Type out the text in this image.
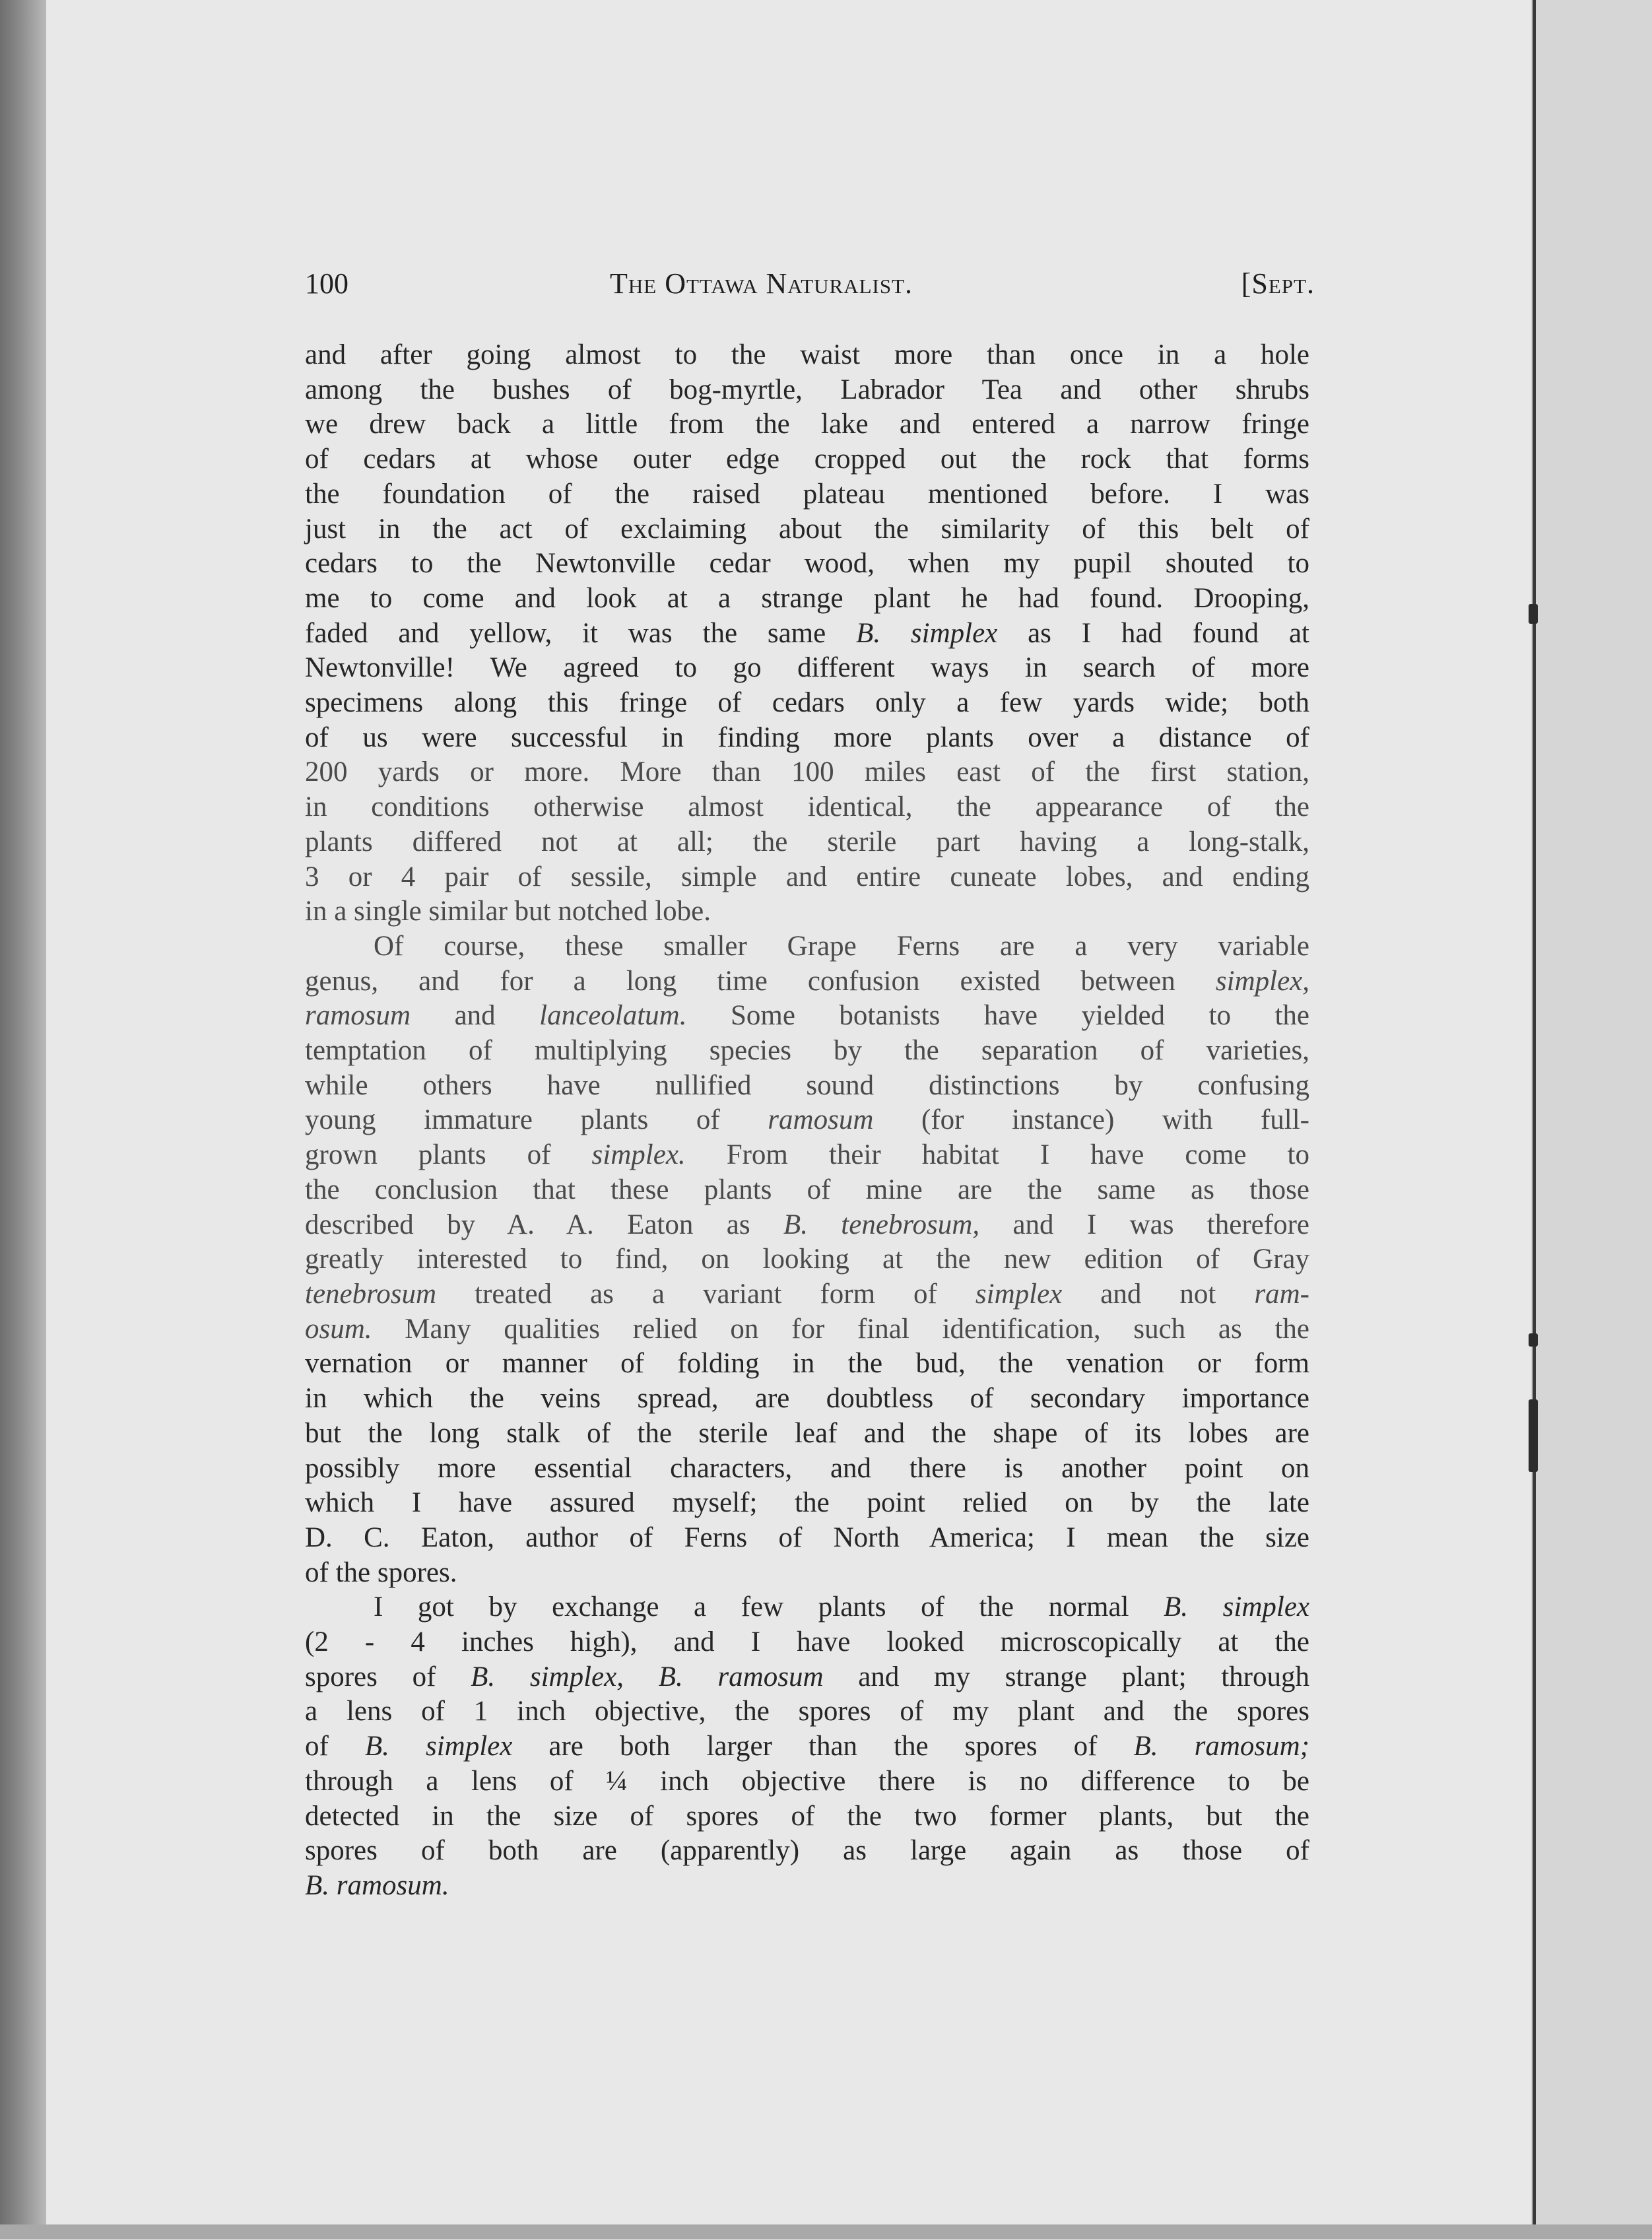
100	The Ottawa Naturalist.	[Sept.
and after going almost to the waist more than once in a hole
among the bushes of bog-myrtle, Labrador Tea and other shrubs
we drew back a little from the lake and entered a narrow fringe
of cedars at whose outer edge cropped out the rock that forms
the foundation of the raised plateau mentioned before. I was
just in the act of exclaiming about the similarity of this belt of
cedars to the Newtonville cedar wood, when my pupil shouted to
me to come and look at a strange plant he had found. Drooping,
faded and yellow, it was the same B. simplex as I had found at
Newtonville! We agreed to go different ways in search of more
specimens along this fringe of cedars only a few yards wide; both
of us were successful in finding more plants over a distance of
200 yards or more. More than 100 miles east of the first station,
in conditions otherwise almost identical, the appearance of the
plants differed not at all; the sterile part having a long-stalk,
3 or 4 pair of sessile, simple and entire cuneate lobes, and ending
in a single similar but notched lobe.
Of course, these smaller Grape Ferns are a very variable
genus, and for a long time confusion existed between simplex,
ramosum and lanceolatum. Some botanists have yielded to the
temptation of multiplying species by the separation of varieties,
while others have nullified sound distinctions by confusing
young immature plants of ramosum (for instance) with full-
grown plants of simplex. From their habitat I have come to
the conclusion that these plants of mine are the same as those
described by A. A. Eaton as B. tenebrosum, and I was therefore
greatly interested to find, on looking at the new edition of Gray
tenebrosum treated as a variant form of simplex and not ram-
osum. Many qualities relied on for final identification, such as the
vernation or manner of folding in the bud, the venation or form
in which the veins spread, are doubtless of secondary importance
but the long stalk of the sterile leaf and the shape of its lobes are
possibly more essential characters, and there is another point on
which I have assured myself; the point relied on by the late
D. C. Eaton, author of Ferns of North America; I mean the size
of the spores.
I got by exchange a few plants of the normal B. simplex
(2 - 4 inches high), and I have looked microscopically at the
spores of B. simplex, B. ramosum and my strange plant; through
a lens of 1 inch objective, the spores of my plant and the spores
of B. simplex are both larger than the spores of B. ramosum;
through a lens of ¼ inch objective there is no difference to be
detected in the size of spores of the two former plants, but the
spores of both are (apparently) as large again as those of
B. ramosum.
